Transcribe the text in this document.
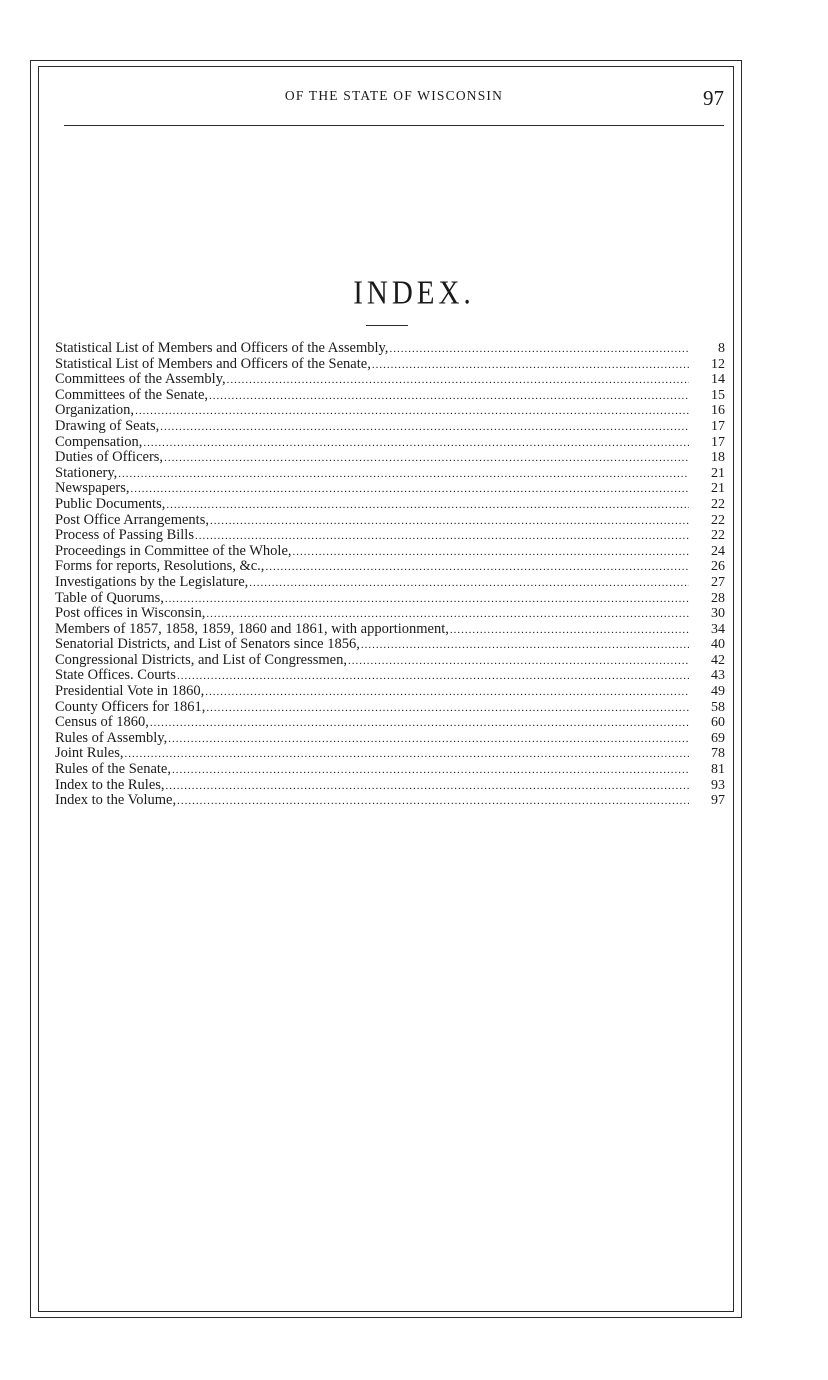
OF THE STATE OF WISCONSIN	97
INDEX.
Statistical List of Members and Officers of the Assembly, .....	8
Statistical List of Members and Officers of the Senate, .....	12
Committees of the Assembly, .....	14
Committees of the Senate, .....	15
Organization, .....	16
Drawing of Seats, .....	17
Compensation, .....	17
Duties of Officers, .....	18
Stationery, .....	21
Newspapers, .....	21
Public Documents, .....	22
Post Office Arrangements, .....	22
Process of Passing Bills .....	22
Proceedings in Committee of the Whole, .....	24
Forms for reports, Resolutions, &c., .....	26
Investigations by the Legislature, .....	27
Table of Quorums, .....	28
Post offices in Wisconsin, .....	30
Members of 1857, 1858, 1859, 1860 and 1861, with apportionment, .....	34
Senatorial Districts, and List of Senators since 1856, .....	40
Congressional Districts, and List of Congressmen, .....	42
State Offices. Courts .....	43
Presidential Vote in 1860, .....	49
County Officers for 1861, .....	58
Census of 1860, .....	60
Rules of Assembly, .....	69
Joint Rules, .....	78
Rules of the Senate, .....	81
Index to the Rules, .....	93
Index to the Volume, .....	97
